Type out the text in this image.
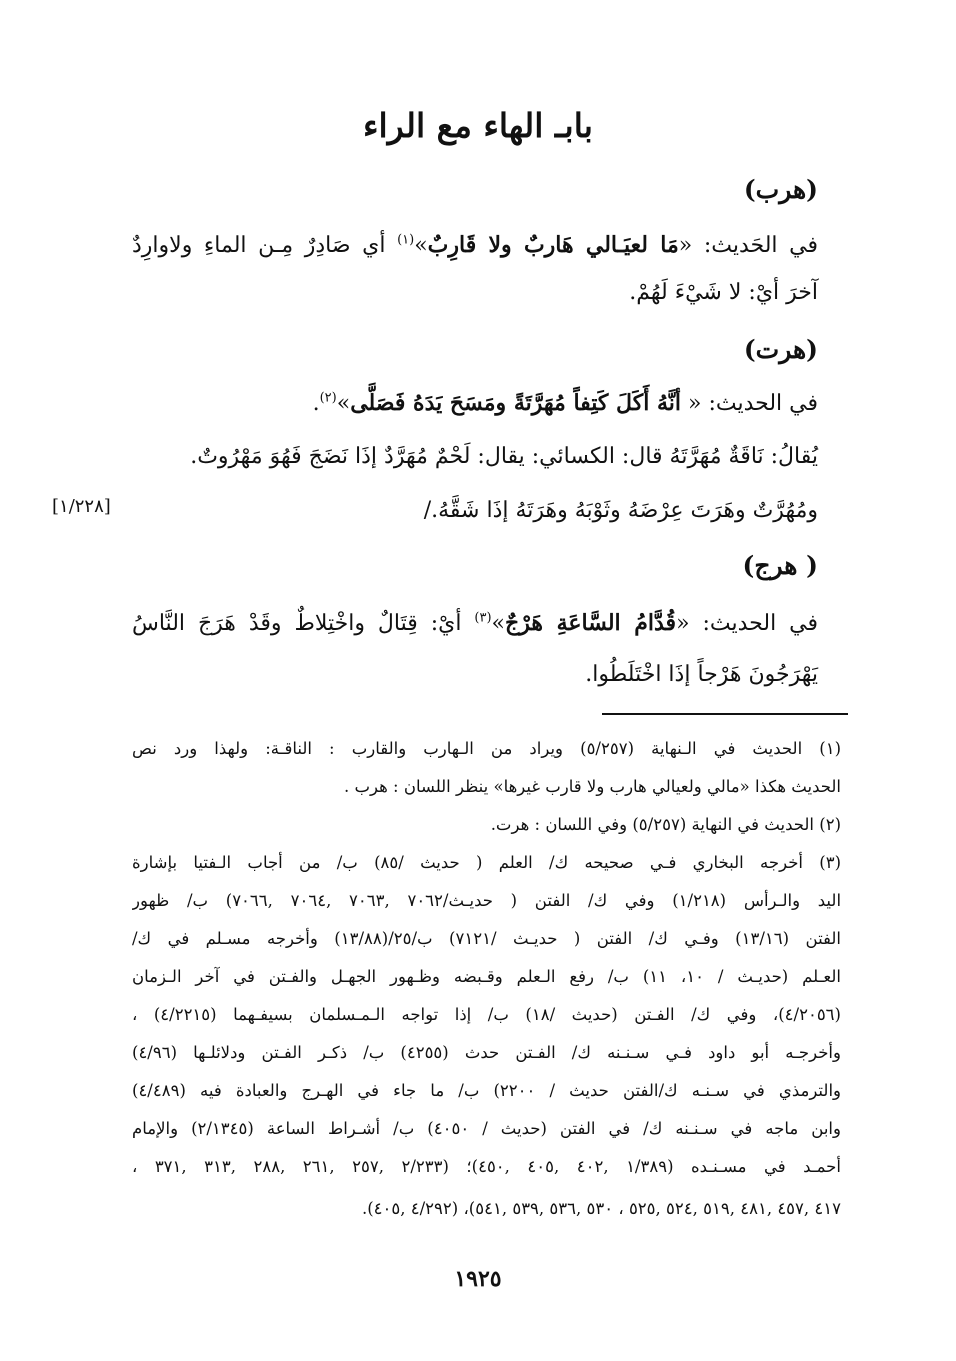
بابـ الهاء مع الراء
(هرب)
في الحَديث: «مَا لعيَـالي هَاربٌ ولا قَارِبٌ»$^{(١)}$ أي صَادِرٌ مِـن الماءِ ولاوارِدٌ
آخرَ أيْ: لا شَيْءَ لَهُمْ.
(هرت)
في الحديث: « أنَّهُ أَكَلَ كَتِفاً مُهَرَّتَةً ومَسَحَ يَدَهُ فَصَلَّى»$^{(٢)}$.
يُقالُ: نَاقَةٌ مُهَرَّتَهُ قال: الكسائي: يقال: لَحْمٌ مُهَرَّدٌ إذَا نَضَجَ فَهُوَ مَهْرُوتٌ.
ومُهُرَّتٌ وهَرَتَ عِرْضَهُ وثَوْبَهُ وهَرَتَهُ إذَا شَقَّهُ./
[١/٢٢٨]
( هرج)
في الحديث: «قُدَّامُ السَّاعَةِ هَرْجٌ»$^{(٣)}$ أيْ: قِتَالٌ واخْتِلاطٌ وقَدْ هَرَجَ النَّاسُ
يَهْرَجُونَ هَرْجاً إذَا اخْتَلَطُوا.
(١) الحديث في الـنهاية (٥/٢٥٧) ويراد من الـهارب والقارب : الناقـة: ولهذا ورد نص
الحديث هكذا «مالي ولعيالي هارب ولا قارب غيرها» ينظر اللسان : هرب .
(٢) الحديث في النهاية (٥/٢٥٧) وفي اللسان : هرت.
(٣) أخرجه البخاري فـي صحيحه ك/ العلم ( حديث /٨٥) ب/ من أجاب الـفتيا بإشارة
اليد والـرأس (١/٢١٨) وفي ك/ الفتن ( حديـث/٧٠٦٢ ,٧٠٦٣ ,٧٠٦٤ ,٧٠٦٦) ب/ ظهور
الفتن (١٣/١٦) وفـي ك/ الفتن ( حديـث /٧١٢١) ب/٢٥/(١٣/٨٨) وأخرجه مسـلم في ك/
العـلم (حديـث / ١٠، ١١) ب/ رفع الـعلم وقـبضه وظـهور الجهـل والفـتن في آخر الـزمان
(٤/٢٠٥٦)، وفي ك/ الفـتن (حديث /١٨) ب/ إذا تواجه الـمـسلمان بسيفـهما (٤/٢٢١٥) ،
وأخرجـه أبو داود فـي سـنـنه ك/ الفـتن حدث (٤٢٥٥) ب/ ذكـر الفـتن ودلائلـها (٤/٩٦)
والترمذي في سـنـه ك/الفتن حديث / ٢٢٠٠) ب/ ما جاء في الهـرج والعبادة فيه (٤/٤٨٩)
وابن ماجه في سـنـنه ك/ في الفتن (حديث / ٤٠٥٠) ب/ أشـراط الساعة (٢/١٣٤٥) والإمام
أحمـد في مسـنـده (١/٣٨٩ ,٤٠٢ ,٤٠٥ ,٤٥٠)؛ (٢/٢٣٣ ,٢٥٧ ,٢٦١ ,٢٨٨ ,٣١٣ ,٣٧١ ،
٤١٧ ,٤٥٧ ,٤٨١ ,٥١٩ ,٥٢٤ ,٥٢٥ ، ٥٣٠ ,٥٣٦ ,٥٣٩ ,٥٤١)، (٤/٢٩٢ ,٤٠٥).
١٩٢٥
